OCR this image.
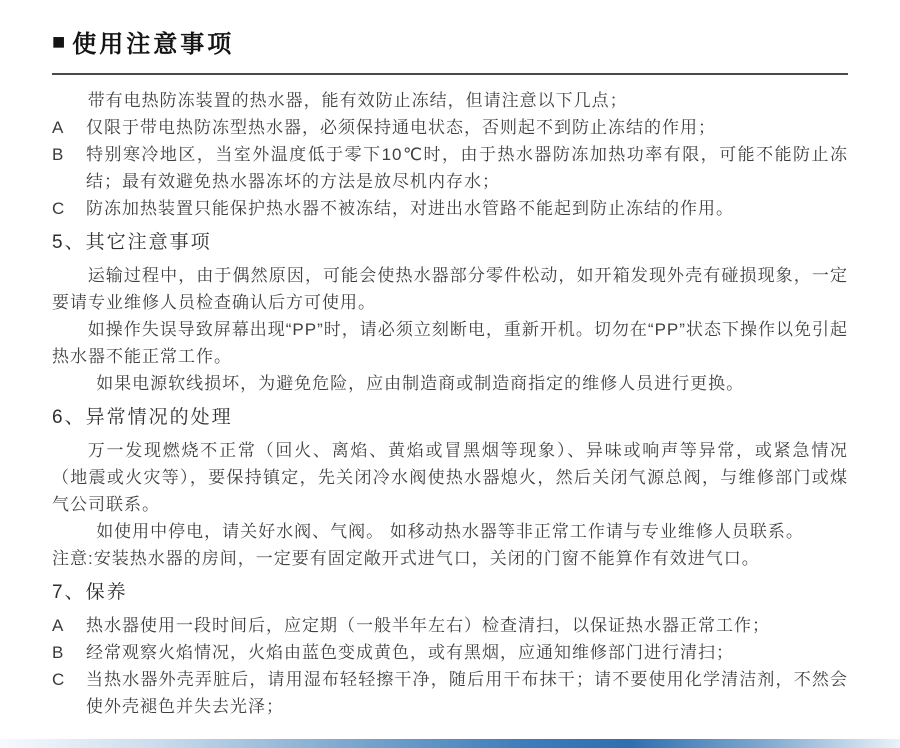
■ 使用注意事项

带有电热防冻装置的热水器，能有效防止冻结，但请注意以下几点；

A	仅限于带电热防冻型热水器，必须保持通电状态，否则起不到防止冻结的作用；
B	特别寒冷地区，当室外温度低于零下10℃时，由于热水器防冻加热功率有限，可能不能防止冻结；最有效避免热水器冻坏的方法是放尽机内存水；
C	防冻加热装置只能保护热水器不被冻结，对进出水管路不能起到防止冻结的作用。
5、其它注意事项

运输过程中，由于偶然原因，可能会使热水器部分零件松动，如开箱发现外壳有碰损现象，一定要请专业维修人员检查确认后方可使用。

如操作失误导致屏幕出现“PP”时，请必须立刻断电，重新开机。切勿在“PP”状态下操作以免引起热水器不能正常工作。

如果电源软线损坏，为避免危险，应由制造商或制造商指定的维修人员进行更换。

6、异常情况的处理

万一发现燃烧不正常（回火、离焰、黄焰或冒黑烟等现象）、异味或响声等异常，或紧急情况（地震或火灾等），要保持镇定，先关闭冷水阀使热水器熄火，然后关闭气源总阀，与维修部门或煤气公司联系。

如使用中停电，请关好水阀、气阀。 如移动热水器等非正常工作请与专业维修人员联系。

注意:安装热水器的房间，一定要有固定敞开式进气口，关闭的门窗不能算作有效进气口。

7、保养
A	热水器使用一段时间后，应定期（一般半年左右）检查清扫，以保证热水器正常工作；
B	经常观察火焰情况，火焰由蓝色变成黄色，或有黑烟，应通知维修部门进行清扫；
C	当热水器外壳弄脏后，请用湿布轻轻擦干净，随后用干布抹干；请不要使用化学清洁剂，不然会使外壳褪色并失去光泽；
